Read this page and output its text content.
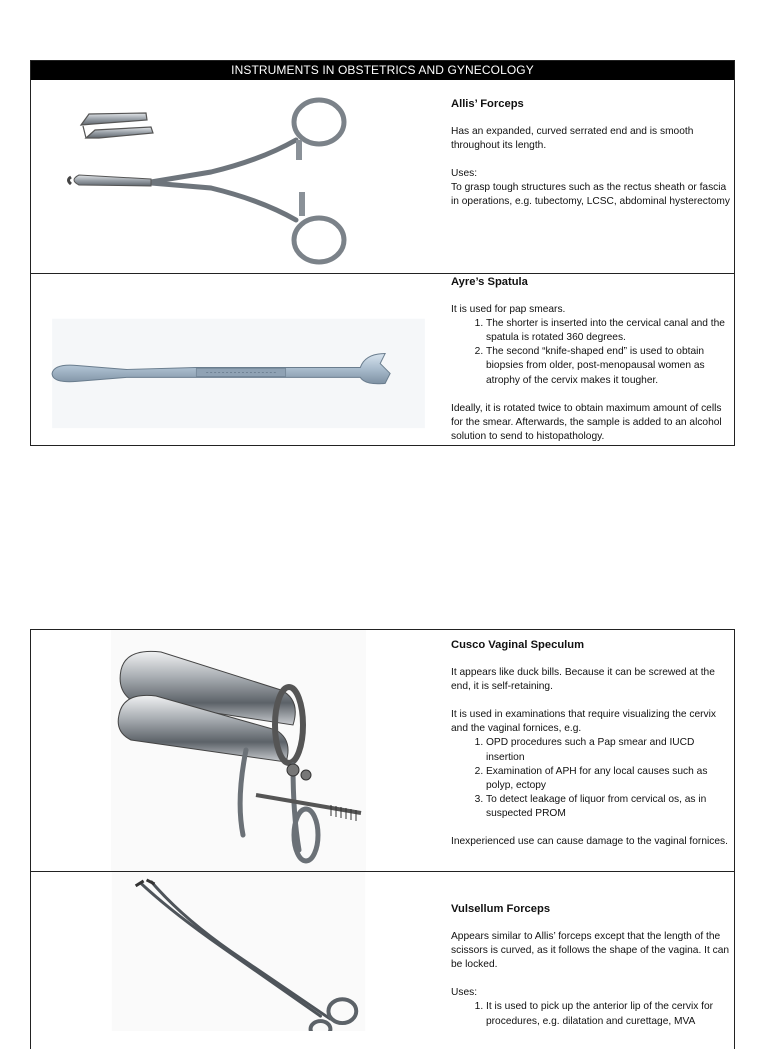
INSTRUMENTS IN OBSTETRICS AND GYNECOLOGY

Allis’ Forceps

Has an expanded, curved serrated end and is smooth throughout its length.

Uses:

To grasp tough structures such as the rectus sheath or fascia in operations, e.g. tubectomy, LCSC, abdominal hysterectomy

Ayre’s Spatula

It is used for pap smears.

1. The shorter is inserted into the cervical canal and the spatula is rotated 360 degrees.
2. The second “knife-shaped end” is used to obtain biopsies from older, post-menopausal women as atrophy of the cervix makes it tougher.

Ideally, it is rotated twice to obtain maximum amount of cells for the smear. Afterwards, the sample is added to an alcohol solution to send to histopathology.

Cusco Vaginal Speculum

It appears like duck bills. Because it can be screwed at the end, it is self-retaining.

It is used in examinations that require visualizing the cervix and the vaginal fornices, e.g.

1. OPD procedures such a Pap smear and IUCD insertion
2. Examination of APH for any local causes such as polyp, ectopy
3. To detect leakage of liquor from cervical os, as in suspected PROM

Inexperienced use can cause damage to the vaginal fornices.

Vulsellum Forceps

Appears similar to Allis’ forceps except that the length of the scissors is curved, as it follows the shape of the vagina. It can be locked.

Uses:

1. It is used to pick up the anterior lip of the cervix for procedures, e.g. dilatation and curettage, MVA
